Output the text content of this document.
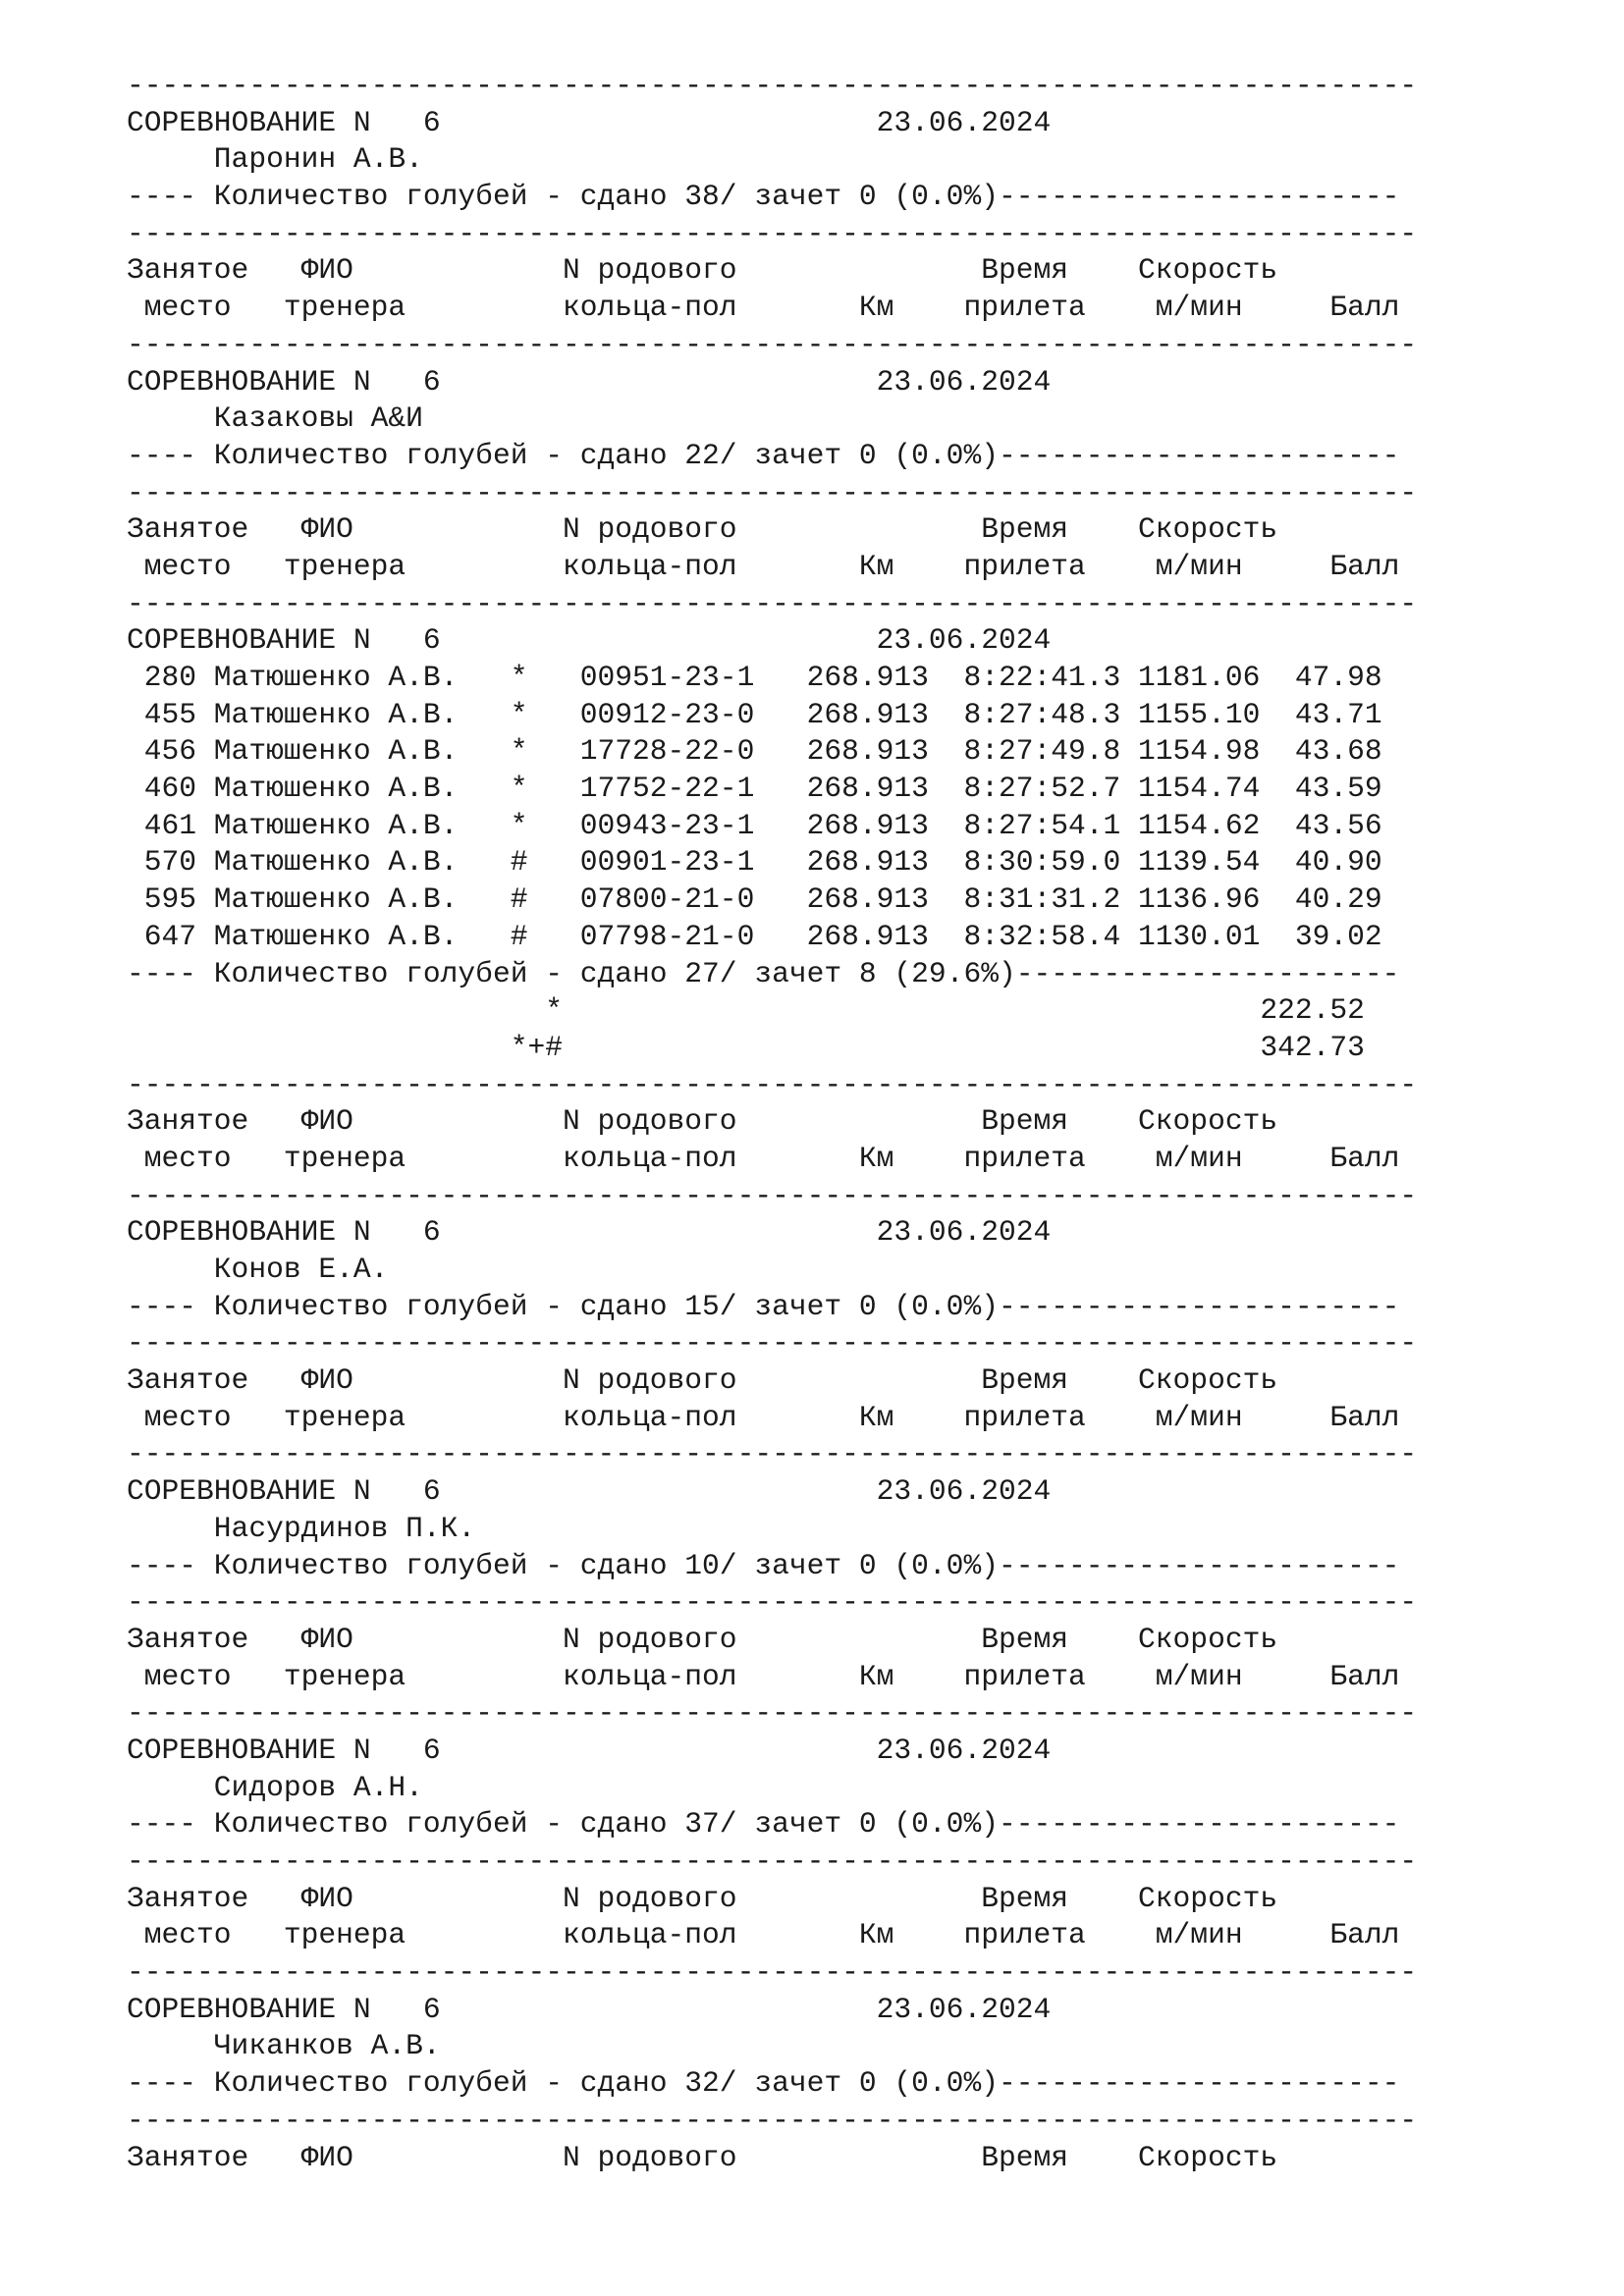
--------------------------------------------------------------------------
СОРЕВНОВАНИЕ N   6                         23.06.2024
Паронин А.В.
---- Количество голубей - сдано 38/ зачет 0 (0.0%)-----------------------
--------------------------------------------------------------------------
Занятое   ФИО            N родового              Время    Скорость
место   тренера         кольца-пол       Км    прилета    м/мин     Балл
--------------------------------------------------------------------------
СОРЕВНОВАНИЕ N   6                         23.06.2024
Казаковы А&И
---- Количество голубей - сдано 22/ зачет 0 (0.0%)-----------------------
--------------------------------------------------------------------------
Занятое   ФИО            N родового              Время    Скорость
место   тренера         кольца-пол       Км    прилета    м/мин     Балл
--------------------------------------------------------------------------
СОРЕВНОВАНИЕ N   6                         23.06.2024
280 Матюшенко А.В.   *   00951-23-1   268.913  8:22:41.3 1181.06  47.98
455 Матюшенко А.В.   *   00912-23-0   268.913  8:27:48.3 1155.10  43.71
456 Матюшенко А.В.   *   17728-22-0   268.913  8:27:49.8 1154.98  43.68
460 Матюшенко А.В.   *   17752-22-1   268.913  8:27:52.7 1154.74  43.59
461 Матюшенко А.В.   *   00943-23-1   268.913  8:27:54.1 1154.62  43.56
570 Матюшенко А.В.   #   00901-23-1   268.913  8:30:59.0 1139.54  40.90
595 Матюшенко А.В.   #   07800-21-0   268.913  8:31:31.2 1136.96  40.29
647 Матюшенко А.В.   #   07798-21-0   268.913  8:32:58.4 1130.01  39.02
---- Количество голубей - сдано 27/ зачет 8 (29.6%)----------------------
*                                        222.52
*+#                                        342.73
--------------------------------------------------------------------------
Занятое   ФИО            N родового              Время    Скорость
место   тренера         кольца-пол       Км    прилета    м/мин     Балл
--------------------------------------------------------------------------
СОРЕВНОВАНИЕ N   6                         23.06.2024
Конов Е.А.
---- Количество голубей - сдано 15/ зачет 0 (0.0%)-----------------------
--------------------------------------------------------------------------
Занятое   ФИО            N родового              Время    Скорость
место   тренера         кольца-пол       Км    прилета    м/мин     Балл
--------------------------------------------------------------------------
СОРЕВНОВАНИЕ N   6                         23.06.2024
Насурдинов П.К.
---- Количество голубей - сдано 10/ зачет 0 (0.0%)-----------------------
--------------------------------------------------------------------------
Занятое   ФИО            N родового              Время    Скорость
место   тренера         кольца-пол       Км    прилета    м/мин     Балл
--------------------------------------------------------------------------
СОРЕВНОВАНИЕ N   6                         23.06.2024
Сидоров А.Н.
---- Количество голубей - сдано 37/ зачет 0 (0.0%)-----------------------
--------------------------------------------------------------------------
Занятое   ФИО            N родового              Время    Скорость
место   тренера         кольца-пол       Км    прилета    м/мин     Балл
--------------------------------------------------------------------------
СОРЕВНОВАНИЕ N   6                         23.06.2024
Чиканков А.В.
---- Количество голубей - сдано 32/ зачет 0 (0.0%)-----------------------
--------------------------------------------------------------------------
Занятое   ФИО            N родового              Время    Скорость
